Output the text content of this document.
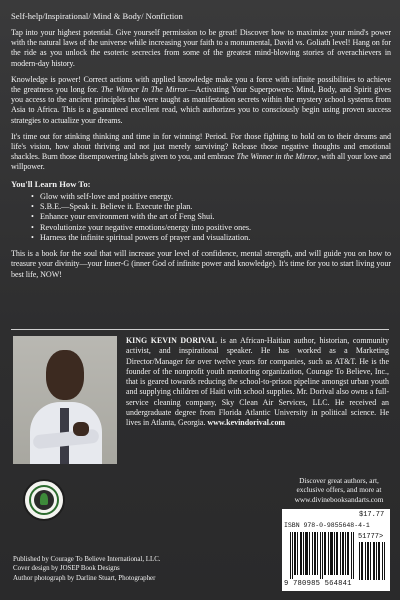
Self-help/Inspirational/ Mind & Body/ Nonfiction

Tap into your highest potential. Give yourself permission to be great! Discover how to maximize your mind's power with the natural laws of the universe while increasing your faith to a monumental, David vs. Goliath level! Hang on for the ride as you unlock the esoteric secrecies from some of the greatest mind-blowing stories of overachievers in modern-day history.

Knowledge is power! Correct actions with applied knowledge make you a force with infinite possibilities to achieve the greatness you long for. The Winner In The Mirror—Activating Your Superpowers: Mind, Body, and Spirit gives you access to the ancient principles that were taught as manifestation secrets within the mystery school systems from Asia to Africa. This is a guaranteed excellent read, which authorizes you to consciously begin using proven success strategies to actualize your dreams.

It's time out for stinking thinking and time in for winning! Period. For those fighting to hold on to their dreams and life's vision, how about thriving and not just merely surviving? Release those negative thoughts and emotional shackles. Burn those disempowering labels given to you, and embrace The Winner in the Mirror, with all your love and willpower.

You'll Learn How To:

• Glow with self-love and positive energy.
• S.B.E.—Speak it. Believe it. Execute the plan.
• Enhance your environment with the art of Feng Shui.
• Revolutionize your negative emotions/energy into positive ones.
• Harness the infinite spiritual powers of prayer and visualization.

This is a book for the soul that will increase your level of confidence, mental strength, and will guide you on how to treasure your divinity—your Inner-G (inner God of infinite power and knowledge). It's time for you to start living your best life, NOW!

KING KEVIN DORIVAL is an African-Haitian author, historian, community activist, and inspirational speaker. He has worked as a Marketing Director/Manager for over twelve years for companies, such as AT&T. He is the founder of the nonprofit youth mentoring organization, Courage To Believe, Inc., that is geared towards reducing the school-to-prison pipeline amongst urban youth and supplying children of Haiti with school supplies. Mr. Dorival also owns a full-service cleaning company, Sky Clean Air Services, LLC. He received an undergraduate degree from Florida Atlantic University in political science. He lives in Atlanta, Georgia. www.kevindorival.com

Published by Courage To Believe International, LLC.

Cover design by JOSEP Book Designs

Author photograph by Darline Stuart, Photographer

Discover great authors, art,
exclusive offers, and more at
www.divinebooksandarts.com

$17.77
ISBN 978-0-9855648-4-1
51777>
9 780985 564841
